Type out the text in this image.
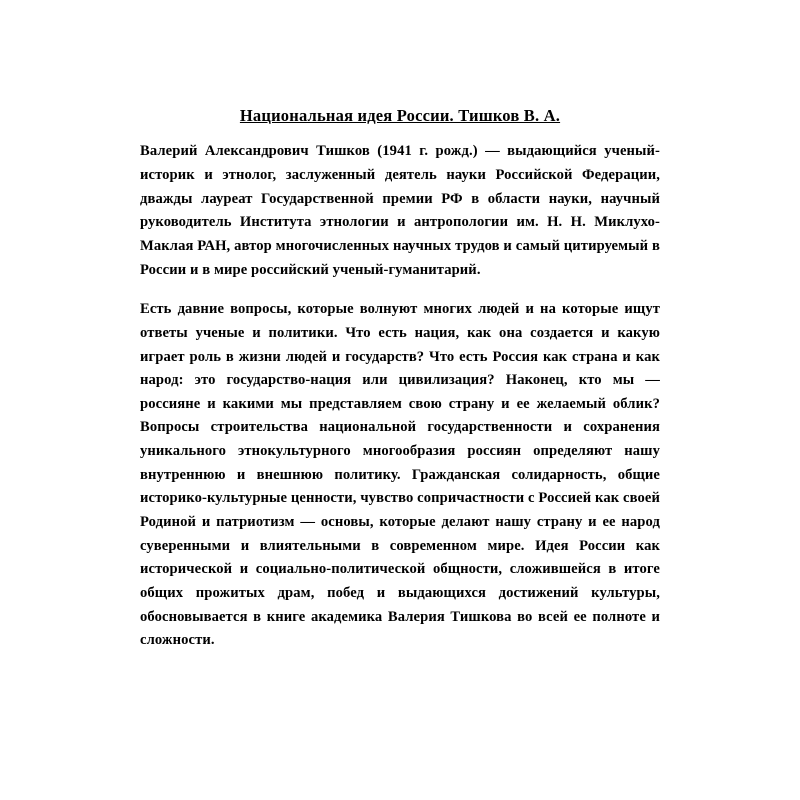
Национальная идея России. Тишков В. А.

Валерий Александрович Тишков (1941 г. рожд.) — выдающийся ученый-историк и этнолог, заслуженный деятель науки Российской Федерации, дважды лауреат Государственной премии РФ в области науки, научный руководитель Института этнологии и антропологии им. Н. Н. Миклухо-Маклая РАН, автор многочисленных научных трудов и самый цитируемый в России и в мире российский ученый-гуманитарий.

Есть давние вопросы, которые волнуют многих людей и на которые ищут ответы ученые и политики. Что есть нация, как она создается и какую играет роль в жизни людей и государств? Что есть Россия как страна и как народ: это государство-нация или цивилизация? Наконец, кто мы — россияне и какими мы представляем свою страну и ее желаемый облик? Вопросы строительства национальной государственности и сохранения уникального этнокультурного многообразия россиян определяют нашу внутреннюю и внешнюю политику. Гражданская солидарность, общие историко-культурные ценности, чувство сопричастности с Россией как своей Родиной и патриотизм — основы, которые делают нашу страну и ее народ суверенными и влиятельными в современном мире. Идея России как исторической и социально-политической общности, сложившейся в итоге общих прожитых драм, побед и выдающихся достижений культуры, обосновывается в книге академика Валерия Тишкова во всей ее полноте и сложности.
